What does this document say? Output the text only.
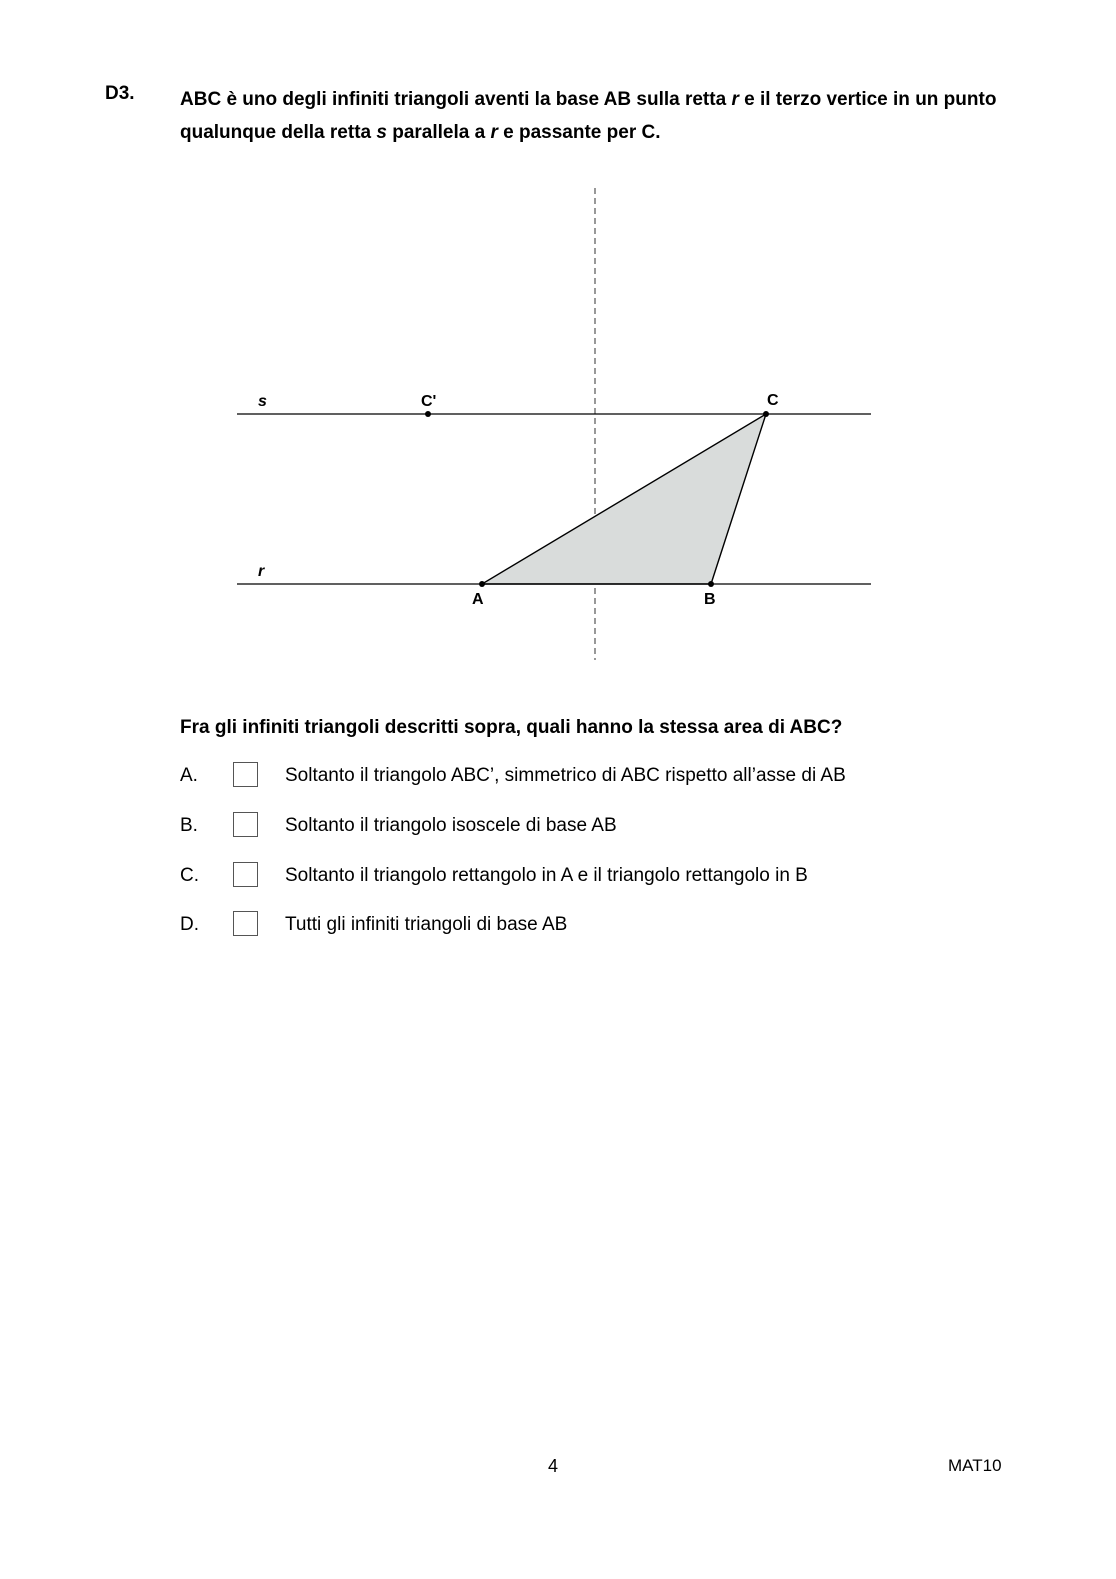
D3. ABC è uno degli infiniti triangoli aventi la base AB sulla retta r e il terzo vertice in un punto qualunque della retta s parallela a r e passante per C.
s
r
C'	C
A	B
Fra gli infiniti triangoli descritti sopra, quali hanno la stessa area di ABC?
A.	Soltanto il triangolo ABC’, simmetrico di ABC rispetto all’asse di AB
B.	Soltanto il triangolo isoscele di base AB
C.	Soltanto il triangolo rettangolo in A e il triangolo rettangolo in B
D.	Tutti gli infiniti triangoli di base AB
4	MAT10
